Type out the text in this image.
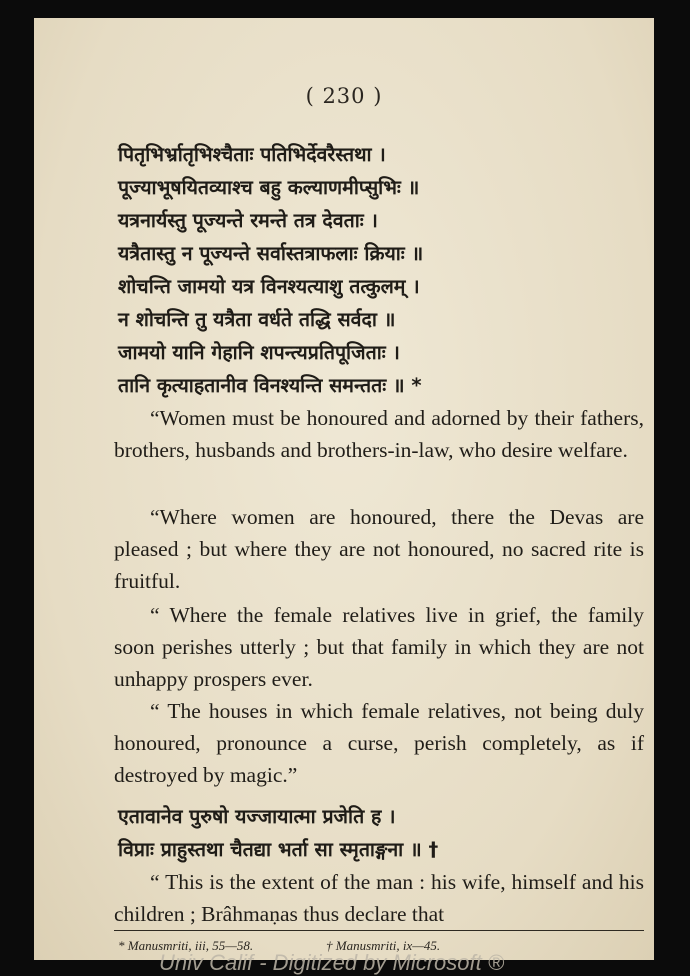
( 230 )
पितृभिर्भ्रातृभिश्चैताः पतिभिर्देवरैस्तथा ।
पूज्याभूषयितव्याश्च बहु कल्याणमीप्सुभिः ॥
यत्रनार्यस्तु पूज्यन्ते रमन्ते तत्र देवताः ।
यत्रैतास्तु न पूज्यन्ते सर्वास्तत्राफलाः क्रियाः ॥
शोचन्ति जामयो यत्र विनश्यत्याशु तत्कुलम् ।
न शोचन्ति तु यत्रैता वर्धते तद्धि सर्वदा ॥
जामयो यानि गेहानि शपन्त्यप्रतिपूजिताः ।
तानि कृत्याहतानीव विनश्यन्ति समन्ततः ॥ *
“Women must be honoured and adorned by their fathers, brothers, husbands and brothers-in-law, who desire welfare.
“Where women are honoured, there the Devas are pleased ; but where they are not honoured, no sacred rite is fruitful.
“ Where the female relatives live in grief, the family soon perishes utterly ; but that family in which they are not unhappy prospers ever.
“ The houses in which female relatives, not being duly honoured, pronounce a curse, perish completely, as if destroyed by magic.”
एतावानेव पुरुषो यज्जायात्मा प्रजेति ह ।
विप्राः प्राहुस्तथा चैतद्या भर्ता सा स्मृताङ्गना ॥ †
“ This is the extent of the man : his wife, himself and his children ; Brâhmaṇas thus declare that
* Manusmriti, iii, 55—58.	† Manusmriti, ix—45.
Univ Calif - Digitized by Microsoft ®
